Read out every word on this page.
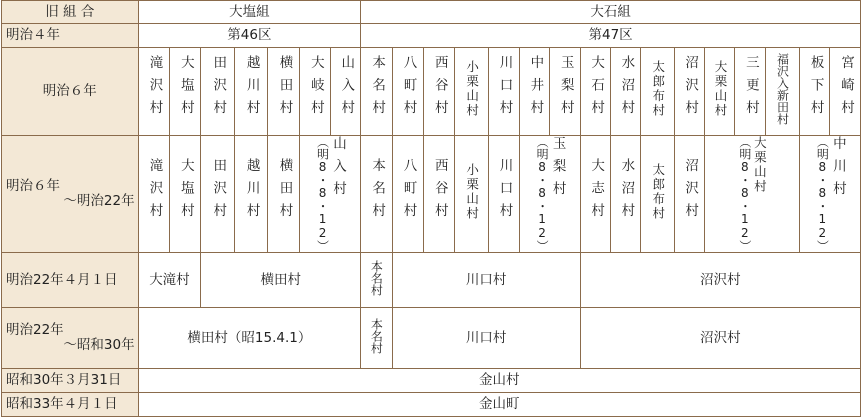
旧 組 合	大塩組							大石組															
明治４年	第46区							第47区															
明治６年	滝沢村	大塩村	田沢村	越川村	横田村	大岐村	山入村	本名村	八町村	西谷村	小栗山村	川口村	中井村	玉梨村	大石村	水沼村	太郎布村	沼沢村	大栗山村	三更村	福沢入新田村	板下村	宮崎村

明治６年
〜明治22年	滝沢村	大塩村	田沢村	越川村	横田村	（明8・8・12） 山入村		本名村	八町村	西谷村	小栗山村	川口村	（明8・8・12） 玉梨村		大志村	水沼村	太郎布村	沼沢村	（明8・8・12） 大栗山村			（明8・8・12） 中川村	

明治22年４月１日	大滝村		横田村					本名村	川口村						沼沢村								

明治22年
〜昭和30年	横田村（昭15.4.1）							本名村	川口村						沼沢村								
昭和30年３月31日	金山村																						
昭和33年４月１日	金山町																						
